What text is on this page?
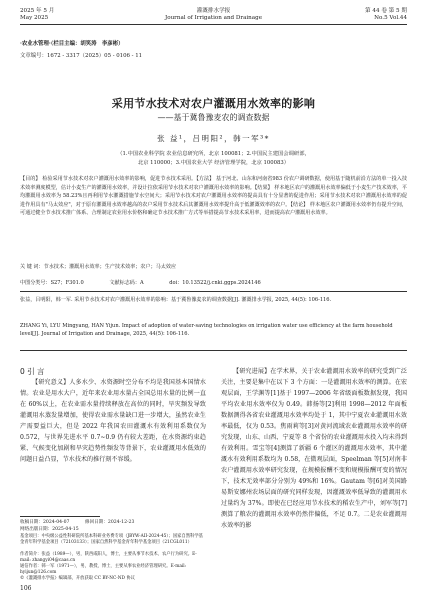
2025 年 5 月
May 2025
灌溉排水学报
Journal of Irrigation and Drainage
第 44 卷 第 5 期
No.5 Vol.44
·农业水管理·（栏目主编：胡笑涛　李彦彬）
文章编号：1672 - 3317（2025）05 - 0106 - 11
采用节水技术对农户灌溉用水效率的影响
——基于冀鲁豫麦农的调查数据
张 益¹，吕明阳²，韩一军³*
（1.中国农业科学院 农业信息研究所，北京 100081；2.中国民主建国会调研部，
北京 110000；3.中国农业大学 经济管理学院，北京 100083）
【目的】 检验采用节水技术对农户灌溉用水效率的影响，促进节水技术采用。【方法】 基于河北、山东和河南省983 份农户调研数据，使用基于随机前沿方法的单一投入技术效率测度模型，估计小麦生产的灌溉用水效率，并设计拉依采用节水技术对农户灌溉用水效率的影响。【结果】 样本地区农户的灌溉用水效率偏低于小麦生产技术效率，平均灌溉用水效率为 58.23%且再利用节水灌溉措施节水空间大；采用节水技术对农户灌溉用水效率的提高具有十分显著的促进作用；采用节水技术对农户灌溉用水效率的促进作用具有"马太效应"，对于原有灌溉用水效率越高的农户采用节水技术后其灌溉用水效率提升高于低灌溉效率的农户。【结论】 样本地区农户灌溉用水效率仍有提升空间，可通过健全节水技术推广体系、合理制定农业用水价格和确定节水技术推广方式等举措提高节水技术采用率，进而提高农户灌溉用水效率。
关 键 词：节水技术；灌溉用水效率；生产技术效率；农户；马太效应
中图分类号：S27；F301.0	文献标志码：A	doi：10.13522/j.cnki.ggps.2024146
张益，吕明阳，韩一军. 采用节水技术对农户灌溉用水效率的影响：基于冀鲁豫麦农的调查数据[J]. 灌溉排水学报, 2025, 44(5): 106-116.
ZHANG Yi, LYU Mingyang, HAN Yijun. Impact of adoption of water-saving technologies on irrigation water use efficiency at the farm household level[J]. Journal of Irrigation and Drainage, 2025, 44(5): 106-116.
0 引 言
【研究意义】人多水少、水资源时空分布不均是我国基本国情水情。农业是用水大户，近年来农业用水量占全国总用水量的比例一直在 60%以上，在农业需水量持续释放在高位的同时，旱灾频发导致灌溉用水蒸发量增加，使得农业需水量缺口进一步增大，虽然农业生产需要益巨大，但是 2022 年我国农田灌溉水有效利用系数仅为 0.572，与世界先进水平 0.7~0.9 仍有较大差距，在水资源约束趋紧、气候变化加剧和旱灾趋势性频发等背景下，农业灌溉用水低效的问题日益凸显，节水技术的推行刻不容缓。
【研究进展】在学术界，关于农业灌溉用水效率的研究受到广泛关注，主要是集中在以下 3 个方面：一是灌溉用水效率的测算。在宏观层面，王学渊等[1]基于 1997—2006 年省级面板数据发现，我国平均农业用水效率仅为 0.49。韩扬等[2]利用 1998—2012 年面板数据测得各省农业灌溉用水效率均处于 1，其中宁夏农业灌溉用水效率最低，仅为 0.53。焦雨莉等[3]对黄河流域农业灌溉用水效率的研究发现，山东、山西、宁夏等 8 个省份的农业灌溉用水投入均未得到有效利用。雪宝等[4]测算了新疆 6 个灌区的灌溉用水效率，其中灌溉水有效利用系数均为 0.58，在微观层面，Speelman 等[5]对南非农户灌溉用水效率研究发现，在规模报酬不变和规模报酬可变的情况下，技术无效率部分分别为 49%和 16%。Gautam 等[6]对美国路易斯安娜州农场层面的研究同样发现，因灌溉效率低导致的灌溉用水过量约为 37%。即使在已经应用节水技术的稻农生产中，刘军等[7]测算了粮农的灌溉用水效率仍然伴偏低，不足 0.7。二是农业灌溉用水效率的影
收稿日期：2024-04-07	修回日期：2024-12-23
网络出版日期：2025-04-15
基金项目：中央级公益性科研院所基本科研业务费专项（JBYW-AII-2024-45）；国家自然科学基金青年科学基金项目（72103133）；国家自然科学基金青年科学基金项目（21CGL011）
作者简介：张益（1989—），男，陕西咸阳人，博士，主要从事节水技术、农户行为研究。E-mail: zhangyi04@caas.cn
通信作者：韩一军（1971—），男，教授，博士，主要从事农业经济管理研究。E-mail: hyijun@126.com
©《灌溉排水学报》编辑部，开放获取 CC BY-NC-ND 协议
106
